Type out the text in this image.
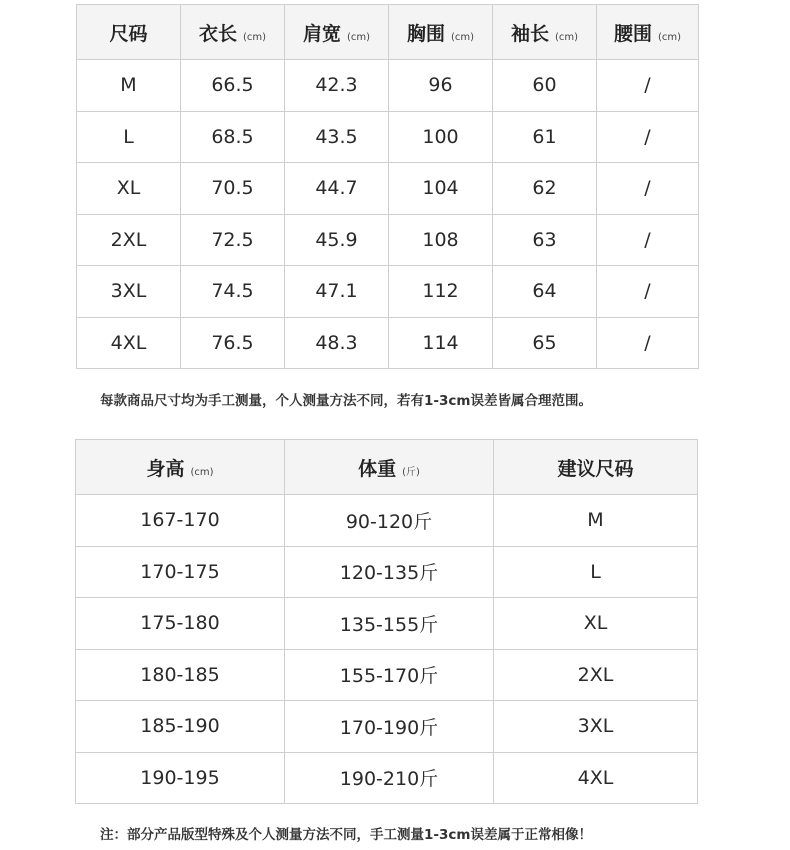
尺码	衣长 (cm)	肩宽 (cm)	胸围 (cm)	袖长 (cm)	腰围 (cm)
M	66.5	42.3	96	60	/
L	68.5	43.5	100	61	/
XL	70.5	44.7	104	62	/
2XL	72.5	45.9	108	63	/
3XL	74.5	47.1	112	64	/
4XL	76.5	48.3	114	65	/
每款商品尺寸均为手工测量，个人测量方法不同，若有1-3cm误差皆属合理范围。
身高 (cm)	体重 (斤)	建议尺码
167-170	90-120斤	M
170-175	120-135斤	L
175-180	135-155斤	XL
180-185	155-170斤	2XL
185-190	170-190斤	3XL
190-195	190-210斤	4XL
注：部分产品版型特殊及个人测量方法不同，手工测量1-3cm误差属于正常相像！
